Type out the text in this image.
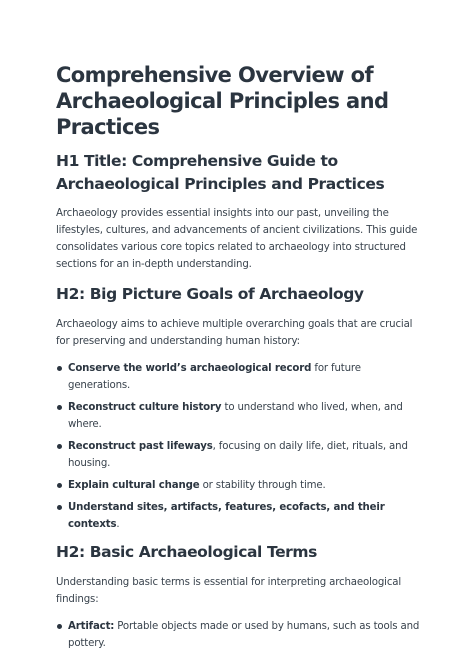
Comprehensive Overview of Archaeological Principles and Practices
H1 Title: Comprehensive Guide to Archaeological Principles and Practices
Archaeology provides essential insights into our past, unveiling the lifestyles, cultures, and advancements of ancient civilizations. This guide consolidates various core topics related to archaeology into structured sections for an in-depth understanding.
H2: Big Picture Goals of Archaeology
Archaeology aims to achieve multiple overarching goals that are crucial for preserving and understanding human history:
Conserve the world’s archaeological record for future generations.
Reconstruct culture history to understand who lived, when, and where.
Reconstruct past lifeways, focusing on daily life, diet, rituals, and housing.
Explain cultural change or stability through time.
Understand sites, artifacts, features, ecofacts, and their contexts.
H2: Basic Archaeological Terms
Understanding basic terms is essential for interpreting archaeological findings:
Artifact: Portable objects made or used by humans, such as tools and pottery.
